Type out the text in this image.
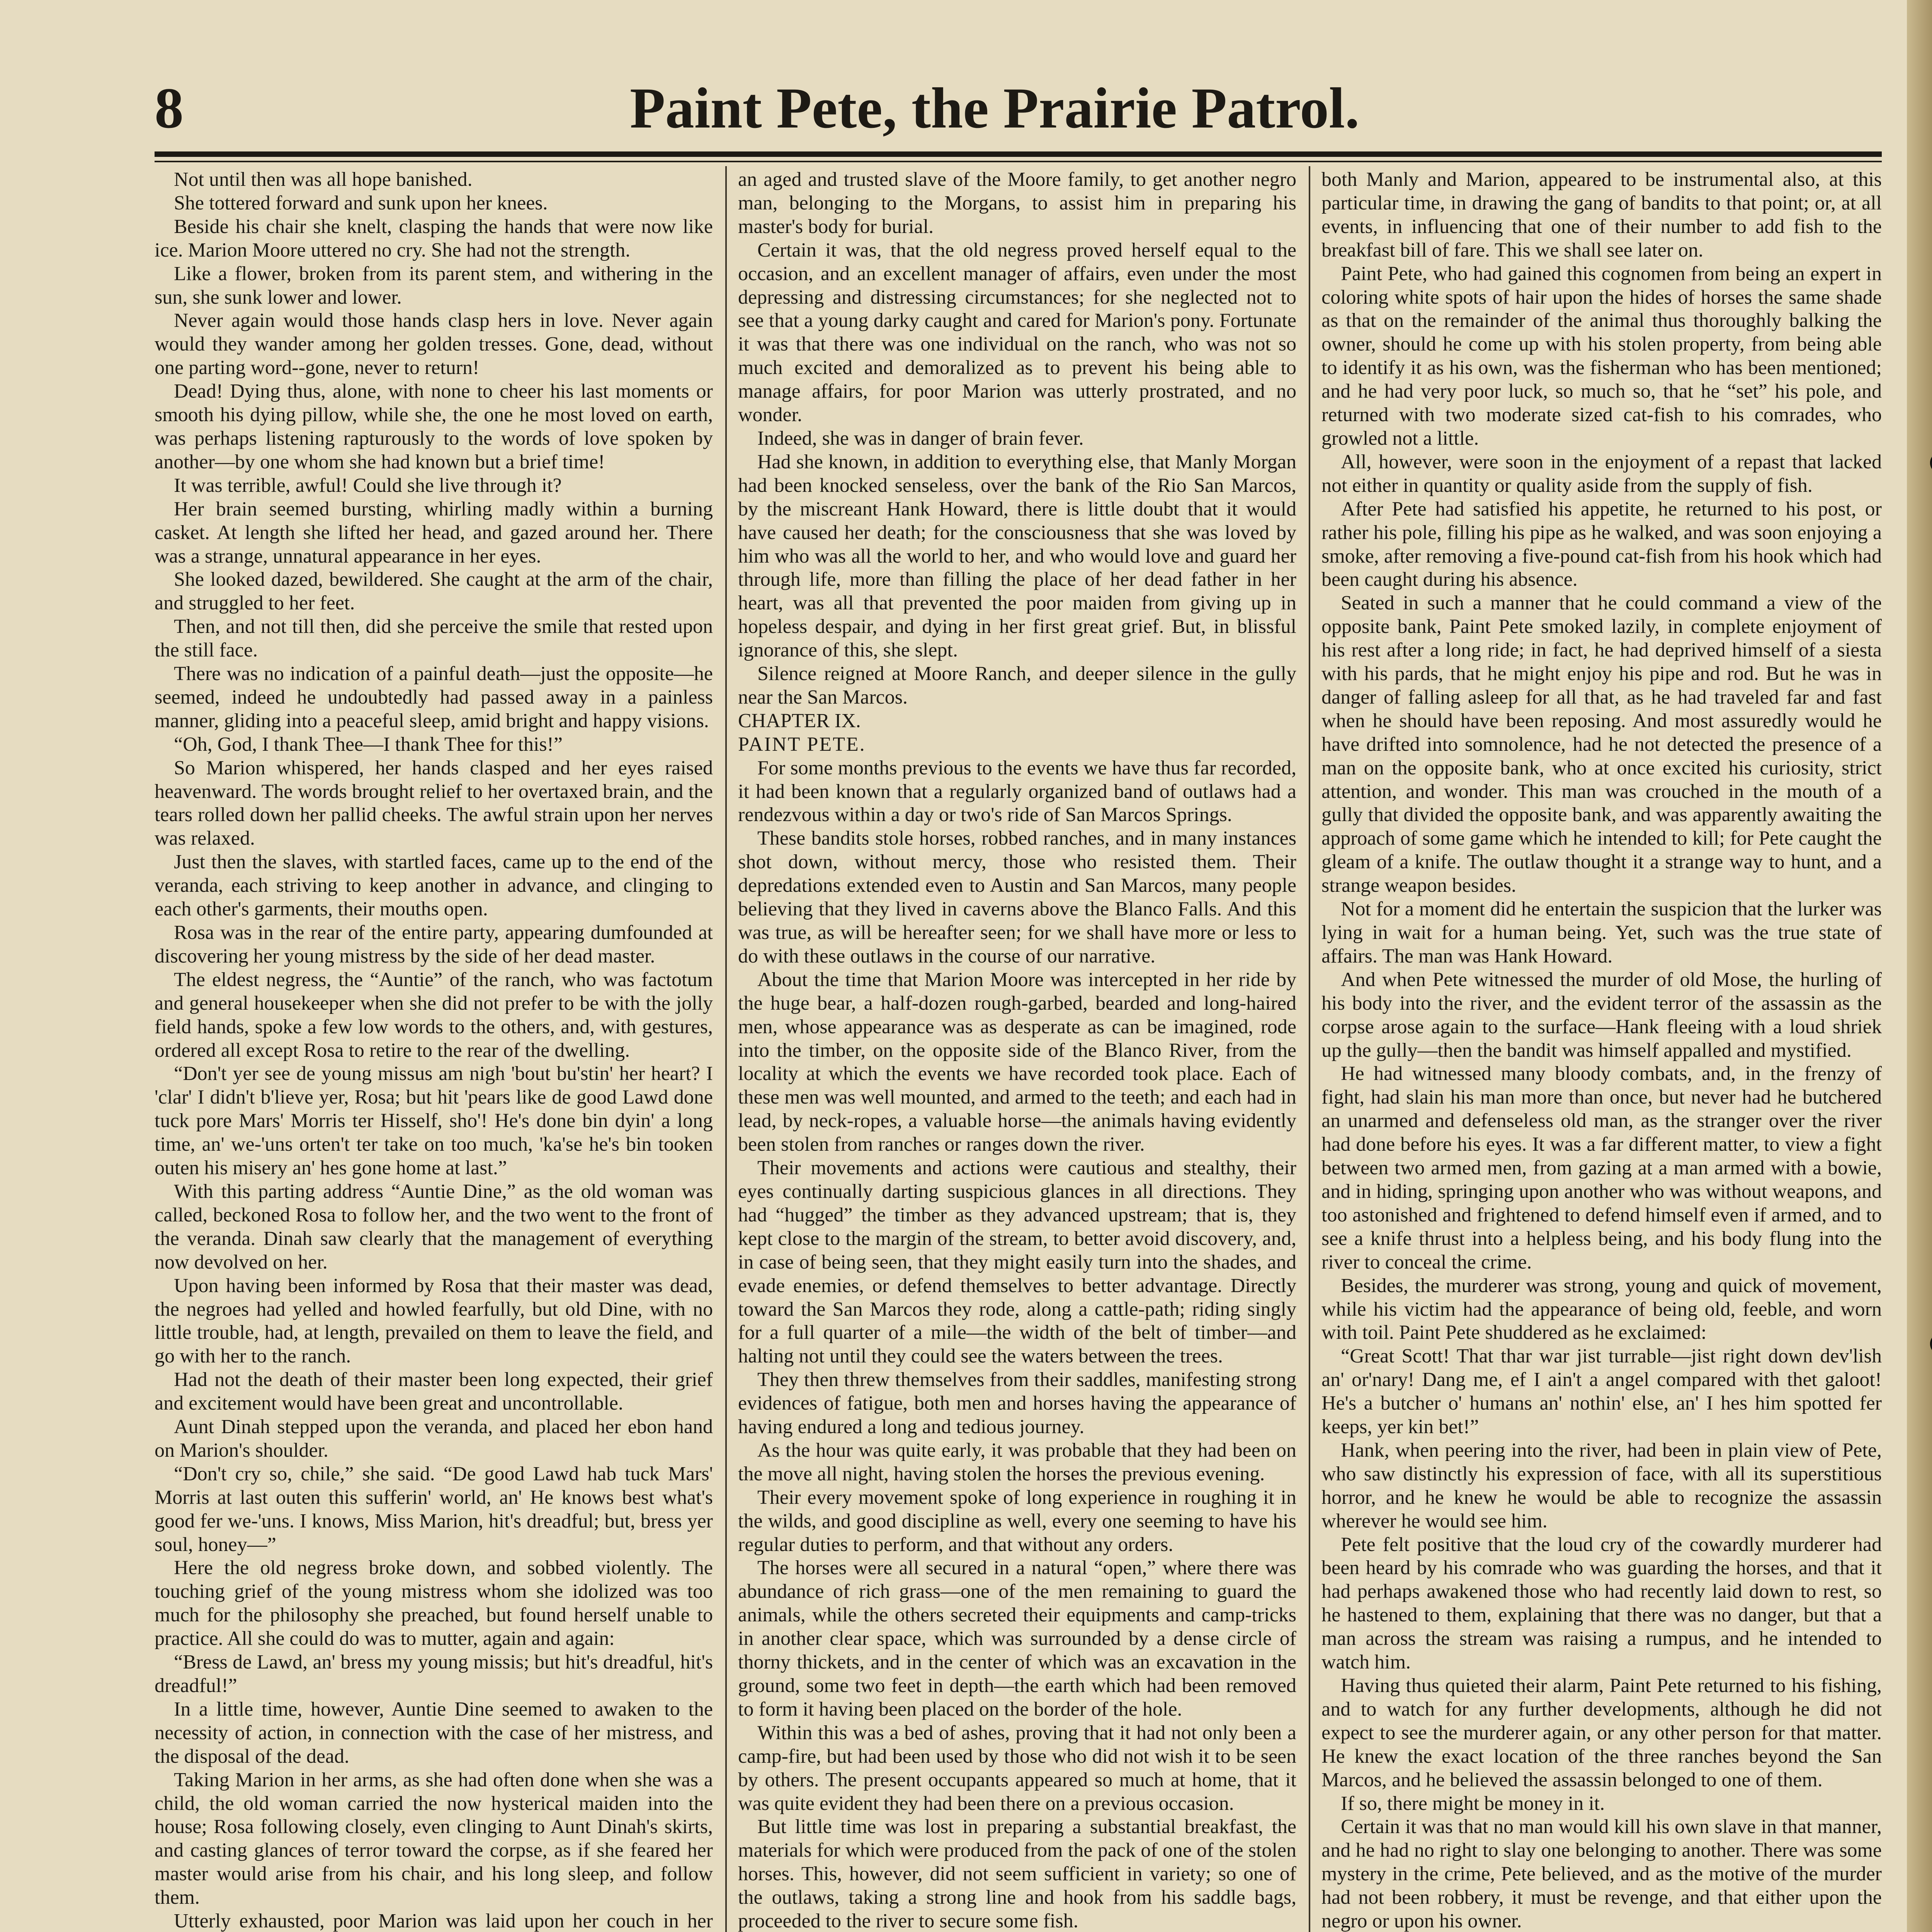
8	Paint Pete, the Prairie Patrol.

Not until then was all hope banished.

She tottered forward and sunk upon her knees.

Beside his chair she knelt, clasping the hands that were now like ice. Marion Moore uttered no cry. She had not the strength.

Like a flower, broken from its parent stem, and withering in the sun, she sunk lower and lower.

Never again would those hands clasp hers in love. Never again would they wander among her golden tresses. Gone, dead, without one parting word--gone, never to return!

Dead! Dying thus, alone, with none to cheer his last moments or smooth his dying pillow, while she, the one he most loved on earth, was perhaps listening rapturously to the words of love spoken by another—by one whom she had known but a brief time!

It was terrible, awful! Could she live through it?

Her brain seemed bursting, whirling madly within a burning casket. At length she lifted her head, and gazed around her. There was a strange, unnatural appearance in her eyes.

She looked dazed, bewildered. She caught at the arm of the chair, and struggled to her feet.

Then, and not till then, did she perceive the smile that rested upon the still face.

There was no indication of a painful death—just the opposite—he seemed, indeed he undoubtedly had passed away in a painless manner, gliding into a peaceful sleep, amid bright and happy visions.

“Oh, God, I thank Thee—I thank Thee for this!”

So Marion whispered, her hands clasped and her eyes raised heavenward. The words brought relief to her overtaxed brain, and the tears rolled down her pallid cheeks. The awful strain upon her nerves was relaxed.

Just then the slaves, with startled faces, came up to the end of the veranda, each striving to keep another in advance, and clinging to each other's garments, their mouths open.

Rosa was in the rear of the entire party, appearing dumfounded at discovering her young mistress by the side of her dead master.

The eldest negress, the “Auntie” of the ranch, who was factotum and general housekeeper when she did not prefer to be with the jolly field hands, spoke a few low words to the others, and, with gestures, ordered all except Rosa to retire to the rear of the dwelling.

“Don't yer see de young missus am nigh 'bout bu'stin' her heart? I 'clar' I didn't b'lieve yer, Rosa; but hit 'pears like de good Lawd done tuck pore Mars' Morris ter Hisself, sho'! He's done bin dyin' a long time, an' we-'uns orten't ter take on too much, 'ka'se he's bin tooken outen his misery an' hes gone home at last.”

With this parting address “Auntie Dine,” as the old woman was called, beckoned Rosa to follow her, and the two went to the front of the veranda. Dinah saw clearly that the management of everything now devolved on her.

Upon having been informed by Rosa that their master was dead, the negroes had yelled and howled fearfully, but old Dine, with no little trouble, had, at length, prevailed on them to leave the field, and go with her to the ranch.

Had not the death of their master been long expected, their grief and excitement would have been great and uncontrollable.

Aunt Dinah stepped upon the veranda, and placed her ebon hand on Marion's shoulder.

“Don't cry so, chile,” she said. “De good Lawd hab tuck Mars' Morris at last outen this sufferin' world, an' He knows best what's good fer we-'uns. I knows, Miss Marion, hit's dreadful; but, bress yer soul, honey—”

Here the old negress broke down, and sobbed violently. The touching grief of the young mistress whom she idolized was too much for the philosophy she preached, but found herself unable to practice. All she could do was to mutter, again and again:

“Bress de Lawd, an' bress my young missis; but hit's dreadful, hit's dreadful!”

In a little time, however, Auntie Dine seemed to awaken to the necessity of action, in connection with the case of her mistress, and the disposal of the dead.

Taking Marion in her arms, as she had often done when she was a child, the old woman carried the now hysterical maiden into the house; Rosa following closely, even clinging to Aunt Dinah's skirts, and casting glances of terror toward the corpse, as if she feared her master would arise from his chair, and his long sleep, and follow them.

Utterly exhausted, poor Marion was laid upon her couch in her

an aged and trusted slave of the Moore family, to get another negro man, belonging to the Morgans, to assist him in preparing his master's body for burial.

Certain it was, that the old negress proved herself equal to the occasion, and an excellent manager of affairs, even under the most depressing and distressing circumstances; for she neglected not to see that a young darky caught and cared for Marion's pony. Fortunate it was that there was one individual on the ranch, who was not so much excited and demoralized as to prevent his being able to manage affairs, for poor Marion was utterly prostrated, and no wonder.

Indeed, she was in danger of brain fever.

Had she known, in addition to everything else, that Manly Morgan had been knocked senseless, over the bank of the Rio San Marcos, by the miscreant Hank Howard, there is little doubt that it would have caused her death; for the consciousness that she was loved by him who was all the world to her, and who would love and guard her through life, more than filling the place of her dead father in her heart, was all that prevented the poor maiden from giving up in hopeless despair, and dying in her first great grief. But, in blissful ignorance of this, she slept.

Silence reigned at Moore Ranch, and deeper silence in the gully near the San Marcos.

CHAPTER IX.

PAINT PETE.

For some months previous to the events we have thus far recorded, it had been known that a regularly organized band of outlaws had a rendezvous within a day or two's ride of San Marcos Springs.

These bandits stole horses, robbed ranches, and in many instances shot down, without mercy, those who resisted them. Their depredations extended even to Austin and San Marcos, many people believing that they lived in caverns above the Blanco Falls. And this was true, as will be hereafter seen; for we shall have more or less to do with these outlaws in the course of our narrative.

About the time that Marion Moore was intercepted in her ride by the huge bear, a half-dozen rough-garbed, bearded and long-haired men, whose appearance was as desperate as can be imagined, rode into the timber, on the opposite side of the Blanco River, from the locality at which the events we have recorded took place. Each of these men was well mounted, and armed to the teeth; and each had in lead, by neck-ropes, a valuable horse—the animals having evidently been stolen from ranches or ranges down the river.

Their movements and actions were cautious and stealthy, their eyes continually darting suspicious glances in all directions. They had “hugged” the timber as they advanced upstream; that is, they kept close to the margin of the stream, to better avoid discovery, and, in case of being seen, that they might easily turn into the shades, and evade enemies, or defend themselves to better advantage. Directly toward the San Marcos they rode, along a cattle-path; riding singly for a full quarter of a mile—the width of the belt of timber—and halting not until they could see the waters between the trees.

They then threw themselves from their saddles, manifesting strong evidences of fatigue, both men and horses having the appearance of having endured a long and tedious journey.

As the hour was quite early, it was probable that they had been on the move all night, having stolen the horses the previous evening.

Their every movement spoke of long experience in roughing it in the wilds, and good discipline as well, every one seeming to have his regular duties to perform, and that without any orders.

The horses were all secured in a natural “open,” where there was abundance of rich grass—one of the men remaining to guard the animals, while the others secreted their equipments and camp-tricks in another clear space, which was surrounded by a dense circle of thorny thickets, and in the center of which was an excavation in the ground, some two feet in depth—the earth which had been removed to form it having been placed on the border of the hole.

Within this was a bed of ashes, proving that it had not only been a camp-fire, but had been used by those who did not wish it to be seen by others. The present occupants appeared so much at home, that it was quite evident they had been there on a previous occasion.

But little time was lost in preparing a substantial breakfast, the materials for which were produced from the pack of one of the stolen horses. This, however, did not seem sufficient in variety; so one of the outlaws, taking a strong line and hook from his saddle bags, proceeded to the river to secure some fish.

both Manly and Marion, appeared to be instrumental also, at this particular time, in drawing the gang of bandits to that point; or, at all events, in influencing that one of their number to add fish to the breakfast bill of fare. This we shall see later on.

Paint Pete, who had gained this cognomen from being an expert in coloring white spots of hair upon the hides of horses the same shade as that on the remainder of the animal thus thoroughly balking the owner, should he come up with his stolen property, from being able to identify it as his own, was the fisherman who has been mentioned; and he had very poor luck, so much so, that he “set” his pole, and returned with two moderate sized cat-fish to his comrades, who growled not a little.

All, however, were soon in the enjoyment of a repast that lacked not either in quantity or quality aside from the supply of fish.

After Pete had satisfied his appetite, he returned to his post, or rather his pole, filling his pipe as he walked, and was soon enjoying a smoke, after removing a five-pound cat-fish from his hook which had been caught during his absence.

Seated in such a manner that he could command a view of the opposite bank, Paint Pete smoked lazily, in complete enjoyment of his rest after a long ride; in fact, he had deprived himself of a siesta with his pards, that he might enjoy his pipe and rod. But he was in danger of falling asleep for all that, as he had traveled far and fast when he should have been reposing. And most assuredly would he have drifted into somnolence, had he not detected the presence of a man on the opposite bank, who at once excited his curiosity, strict attention, and wonder. This man was crouched in the mouth of a gully that divided the opposite bank, and was apparently awaiting the approach of some game which he intended to kill; for Pete caught the gleam of a knife. The outlaw thought it a strange way to hunt, and a strange weapon besides.

Not for a moment did he entertain the suspicion that the lurker was lying in wait for a human being. Yet, such was the true state of affairs. The man was Hank Howard.

And when Pete witnessed the murder of old Mose, the hurling of his body into the river, and the evident terror of the assassin as the corpse arose again to the surface—Hank fleeing with a loud shriek up the gully—then the bandit was himself appalled and mystified.

He had witnessed many bloody combats, and, in the frenzy of fight, had slain his man more than once, but never had he butchered an unarmed and defenseless old man, as the stranger over the river had done before his eyes. It was a far different matter, to view a fight between two armed men, from gazing at a man armed with a bowie, and in hiding, springing upon another who was without weapons, and too astonished and frightened to defend himself even if armed, and to see a knife thrust into a helpless being, and his body flung into the river to conceal the crime.

Besides, the murderer was strong, young and quick of movement, while his victim had the appearance of being old, feeble, and worn with toil. Paint Pete shuddered as he exclaimed:

“Great Scott! That thar war jist turrable—jist right down dev'lish an' or'nary! Dang me, ef I ain't a angel compared with thet galoot! He's a butcher o' humans an' nothin' else, an' I hes him spotted fer keeps, yer kin bet!”

Hank, when peering into the river, had been in plain view of Pete, who saw distinctly his expression of face, with all its superstitious horror, and he knew he would be able to recognize the assassin wherever he would see him.

Pete felt positive that the loud cry of the cowardly murderer had been heard by his comrade who was guarding the horses, and that it had perhaps awakened those who had recently laid down to rest, so he hastened to them, explaining that there was no danger, but that a man across the stream was raising a rumpus, and he intended to watch him.

Having thus quieted their alarm, Paint Pete returned to his fishing, and to watch for any further developments, although he did not expect to see the murderer again, or any other person for that matter. He knew the exact location of the three ranches beyond the San Marcos, and he believed the assassin belonged to one of them.

If so, there might be money in it.

Certain it was that no man would kill his own slave in that manner, and he had no right to slay one belonging to another. There was some mystery in the crime, Pete believed, and as the motive of the murder had not been robbery, it must be revenge, and that either upon the negro or upon his owner.
